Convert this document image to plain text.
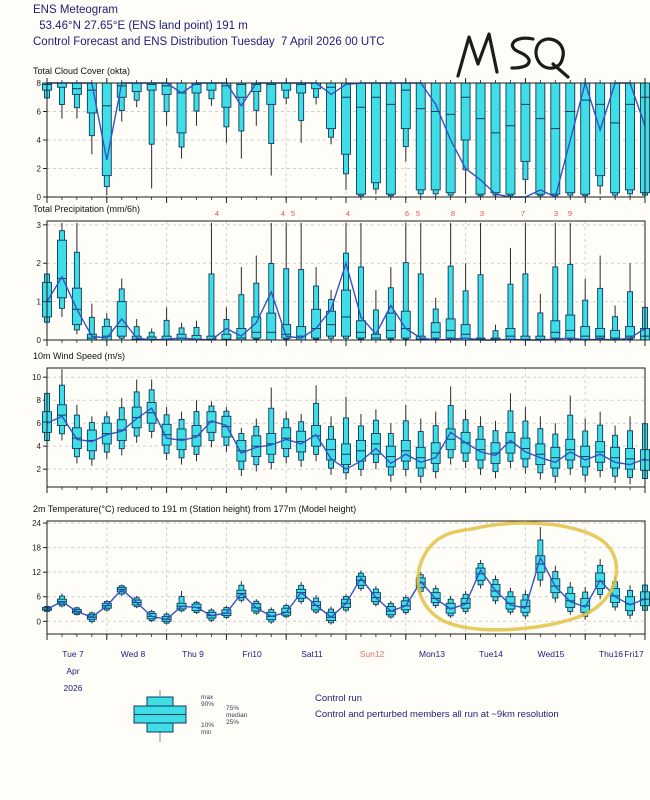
ENS Meteogram
53.46°N 27.65°E (ENS land point) 191 m
Control Forecast and ENS Distribution Tuesday  7 April 2026 00 UTC
0
2
4
6
8
Total Cloud Cover (okta)
0
1
2
3
Total Precipitation (mm/6h)	4	4 5	4	6 5	8	3	7	3 9
2
4
6
8
10
10m Wind Speed (m/s)
0
6
12
18
24
2m Temperature(°C) reduced to 191 m (Station height) from 177m (Model height)
Tue 7	Wed 8	Thu 9	Fri10	Sat11	Sun12	Mon13	Tue14	Wed15	Thu16 Fri17
Apr
2026
max
90%
75%
median
25%
10%
min
Control run
Control and perturbed members all run at ~9km resolution
